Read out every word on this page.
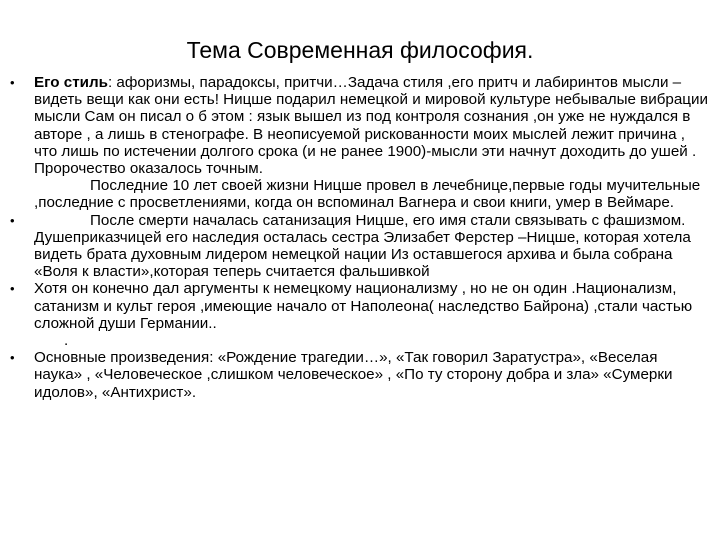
Тема Современная философия.
• Его стиль: афоризмы, парадоксы, притчи…Задача стиля ,его притч и лабиринтов мысли –видеть вещи как они есть! Ницше подарил немецкой и мировой культуре небывалые вибрации мысли Сам он писал о б этом : язык вышел из под контроля сознания ,он уже не нуждался в авторе , а лишь в стенографе. В неописуемой рискованности моих мыслей лежит причина , что лишь по истечении долгого срока (и не ранее 1900)-мысли эти начнут доходить до ушей . Пророчество оказалось точным.
Последние 10 лет своей жизни Ницше провел в лечебнице,первые годы мучительные ,последние с просветлениями, когда он вспоминал Вагнера и свои книги, умер в Веймаре.
•	После смерти началась сатанизация Ницше, его имя стали связывать с фашизмом. Душеприказчицей его наследия осталась сестра Элизабет Ферстер –Ницше, которая хотела видеть брата духовным лидером немецкой нации Из оставшегося архива и была собрана «Воля к власти»,которая теперь считается фальшивкой
• Хотя он конечно дал аргументы к немецкому национализму , но не он один .Национализм, сатанизм и культ героя ,имеющие начало от Наполеона( наследство Байрона) ,стали частью сложной души Германии..
.
• Основные произведения: «Рождение трагедии…», «Так говорил Заратустра», «Веселая наука» , «Человеческое ,слишком человеческое» , «По ту сторону добра и зла» «Сумерки идолов», «Антихрист».
